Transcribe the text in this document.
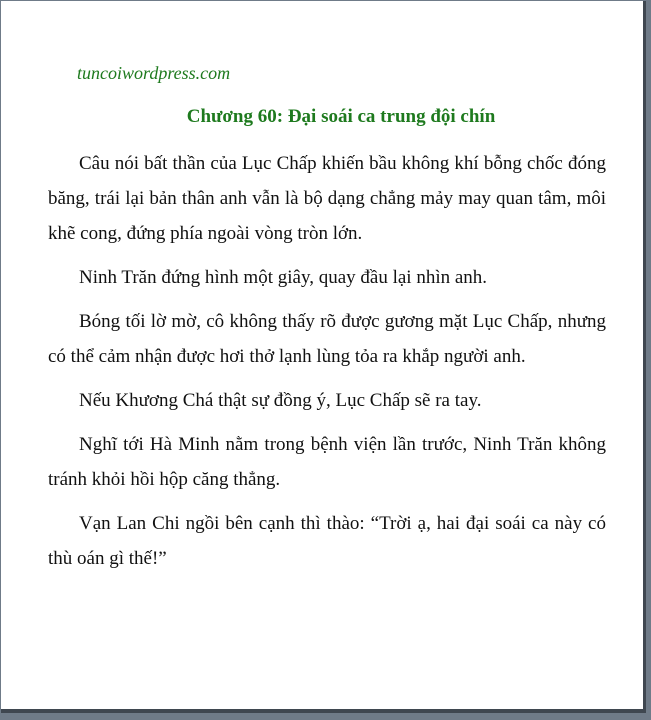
tuncoiwordpress.com
Chương 60: Đại soái ca trung đội chín

Câu nói bất thần của Lục Chấp khiến bầu không khí bỗng chốc đóng băng, trái lại bản thân anh vẫn là bộ dạng chẳng mảy may quan tâm, môi khẽ cong, đứng phía ngoài vòng tròn lớn.

Ninh Trăn đứng hình một giây, quay đầu lại nhìn anh.

Bóng tối lờ mờ, cô không thấy rõ được gương mặt Lục Chấp, nhưng có thể cảm nhận được hơi thở lạnh lùng tỏa ra khắp người anh.

Nếu Khương Chá thật sự đồng ý, Lục Chấp sẽ ra tay.

Nghĩ tới Hà Minh nằm trong bệnh viện lần trước, Ninh Trăn không tránh khỏi hồi hộp căng thẳng.

Vạn Lan Chi ngồi bên cạnh thì thào: “Trời ạ, hai đại soái ca này có thù oán gì thế!”
